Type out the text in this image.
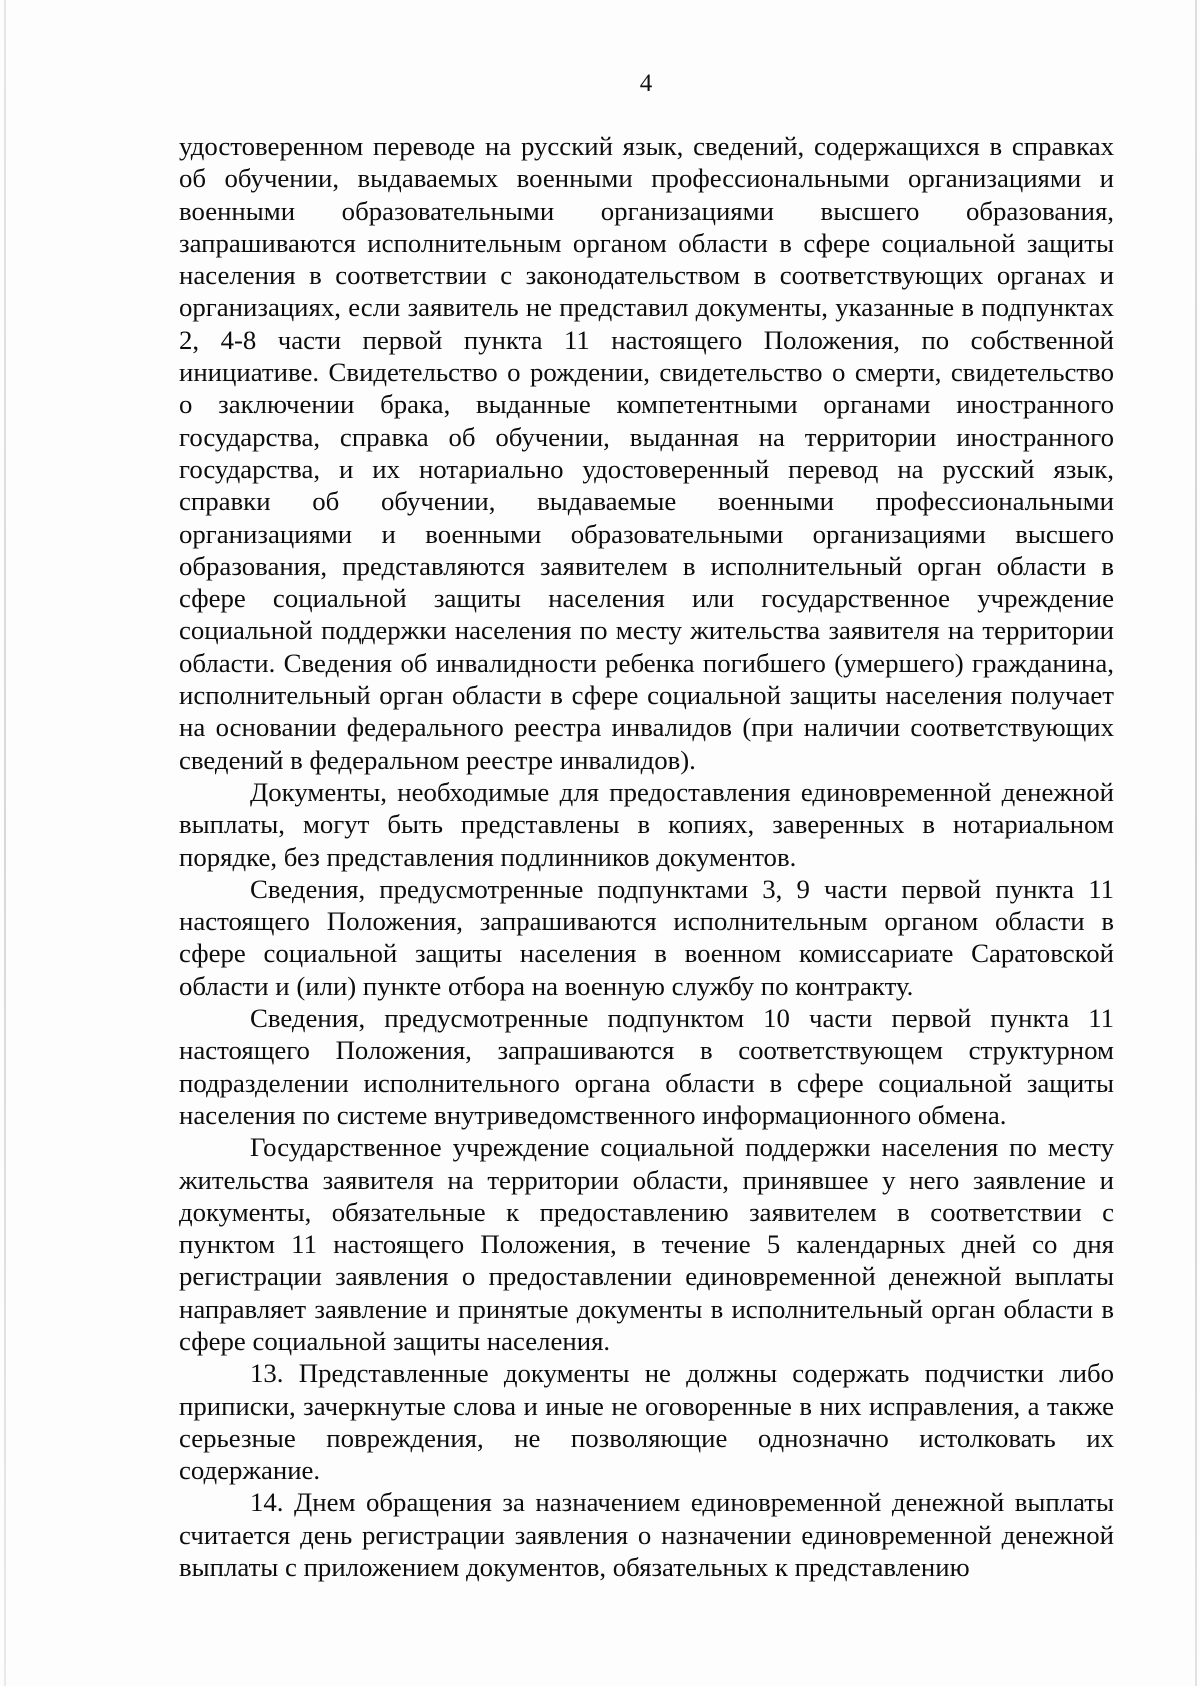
4

удостоверенном переводе на русский язык, сведений, содержащихся в справках об обучении, выдаваемых военными профессиональными организациями и военными образовательными организациями высшего образования, запрашиваются исполнительным органом области в сфере социальной защиты населения в соответствии с законодательством в соответствующих органах и организациях, если заявитель не представил документы, указанные в подпунктах 2, 4-8 части первой пункта 11 настоящего Положения, по собственной инициативе. Свидетельство о рождении, свидетельство о смерти, свидетельство о заключении брака, выданные компетентными органами иностранного государства, справка об обучении, выданная на территории иностранного государства, и их нотариально удостоверенный перевод на русский язык, справки об обучении, выдаваемые военными профессиональными организациями и военными образовательными организациями высшего образования, представляются заявителем в исполнительный орган области в сфере социальной защиты населения или государственное учреждение социальной поддержки населения по месту жительства заявителя на территории области. Сведения об инвалидности ребенка погибшего (умершего) гражданина, исполнительный орган области в сфере социальной защиты населения получает на основании федерального реестра инвалидов (при наличии соответствующих сведений в федеральном реестре инвалидов).

Документы, необходимые для предоставления единовременной денежной выплаты, могут быть представлены в копиях, заверенных в нотариальном порядке, без представления подлинников документов.

Сведения, предусмотренные подпунктами 3, 9 части первой пункта 11 настоящего Положения, запрашиваются исполнительным органом области в сфере социальной защиты населения в военном комиссариате Саратовской области и (или) пункте отбора на военную службу по контракту.

Сведения, предусмотренные подпунктом 10 части первой пункта 11 настоящего Положения, запрашиваются в соответствующем структурном подразделении исполнительного органа области в сфере социальной защиты населения по системе внутриведомственного информационного обмена.

Государственное учреждение социальной поддержки населения по месту жительства заявителя на территории области, принявшее у него заявление и документы, обязательные к предоставлению заявителем в соответствии с пунктом 11 настоящего Положения, в течение 5 календарных дней со дня регистрации заявления о предоставлении единовременной денежной выплаты направляет заявление и принятые документы в исполнительный орган области в сфере социальной защиты населения.

13. Представленные документы не должны содержать подчистки либо приписки, зачеркнутые слова и иные не оговоренные в них исправления, а также серьезные повреждения, не позволяющие однозначно истолковать их содержание.

14. Днем обращения за назначением единовременной денежной выплаты считается день регистрации заявления о назначении единовременной денежной выплаты с приложением документов, обязательных к представлению
